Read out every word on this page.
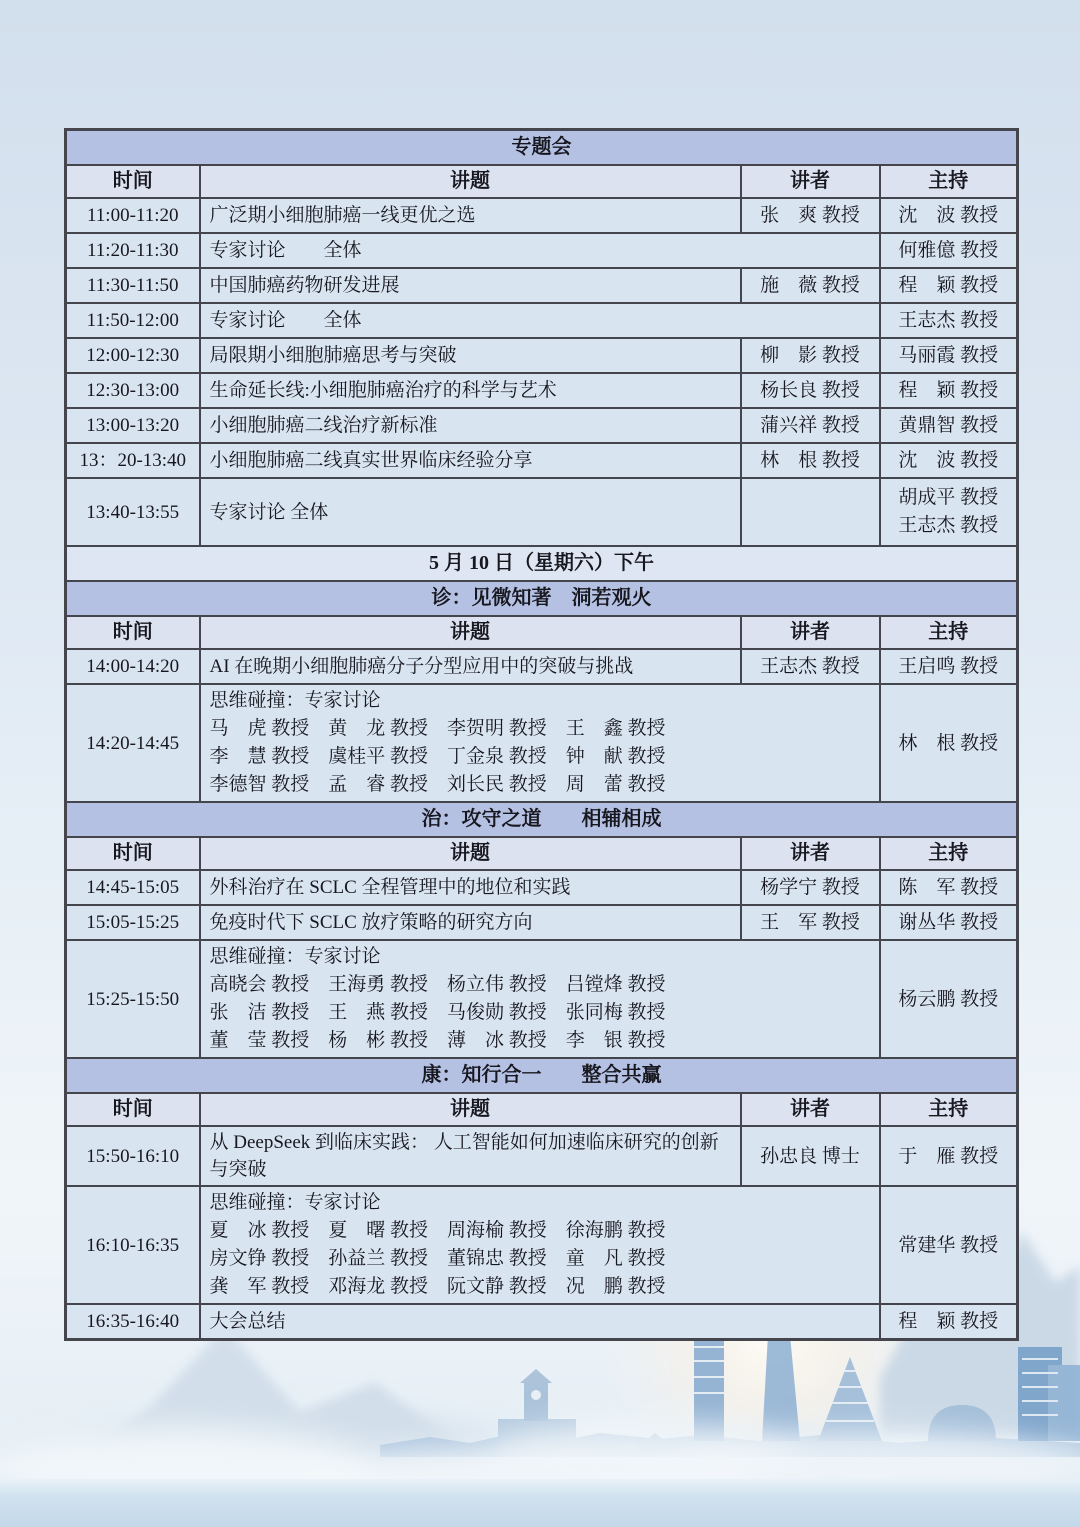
专题会			
时间	讲题	讲者	主持
11:00-11:20	广泛期小细胞肺癌一线更优之选	张　爽 教授	沈　波 教授
11:20-11:30	专家讨论　　全体		何雅億 教授
11:30-11:50	中国肺癌药物研发进展	施　薇 教授	程　颖 教授
11:50-12:00	专家讨论　　全体		王志杰 教授
12:00-12:30	局限期小细胞肺癌思考与突破	柳　影 教授	马丽霞 教授
12:30-13:00	生命延长线:小细胞肺癌治疗的科学与艺术	杨长良 教授	程　颖 教授
13:00-13:20	小细胞肺癌二线治疗新标准	蒲兴祥 教授	黄鼎智 教授
13：20-13:40	小细胞肺癌二线真实世界临床经验分享	林　根 教授	沈　波 教授
13:40-13:55	专家讨论 全体		胡成平 教授
王志杰 教授

5 月 10 日（星期六）下午			
诊：见微知著　洞若观火			
时间	讲题	讲者	主持
14:00-14:20	AI 在晚期小细胞肺癌分子分型应用中的突破与挑战	王志杰 教授	王启鸣 教授
14:20-14:45	思维碰撞：专家讨论
马　虎 教授　黄　龙 教授　李贺明 教授　王　鑫 教授
李　慧 教授　虞桂平 教授　丁金泉 教授　钟　献 教授
李德智 教授　孟　睿 教授　刘长民 教授　周　蕾 教授		林　根 教授
治：攻守之道　　相辅相成			
时间	讲题	讲者	主持
14:45-15:05	外科治疗在 SCLC 全程管理中的地位和实践	杨学宁 教授	陈　军 教授
15:05-15:25	免疫时代下 SCLC 放疗策略的研究方向	王　军 教授	谢丛华 教授
15:25-15:50	思维碰撞：专家讨论
高晓会 教授　王海勇 教授　杨立伟 教授　吕镗烽 教授
张　洁 教授　王　燕 教授　马俊勋 教授　张同梅 教授
董　莹 教授　杨　彬 教授　薄　冰 教授　李　银 教授		杨云鹏 教授
康：知行合一　　整合共赢			
时间	讲题	讲者	主持
15:50-16:10	从 DeepSeek 到临床实践： 人工智能如何加速临床研究的创新与突破	孙忠良 博士	于　雁 教授
16:10-16:35	思维碰撞：专家讨论
夏　冰 教授　夏　曙 教授　周海榆 教授　徐海鹏 教授
房文铮 教授　孙益兰 教授　董锦忠 教授　童　凡 教授
龚　军 教授　邓海龙 教授　阮文静 教授　况　鹏 教授		常建华 教授
16:35-16:40	大会总结		程　颖 教授
